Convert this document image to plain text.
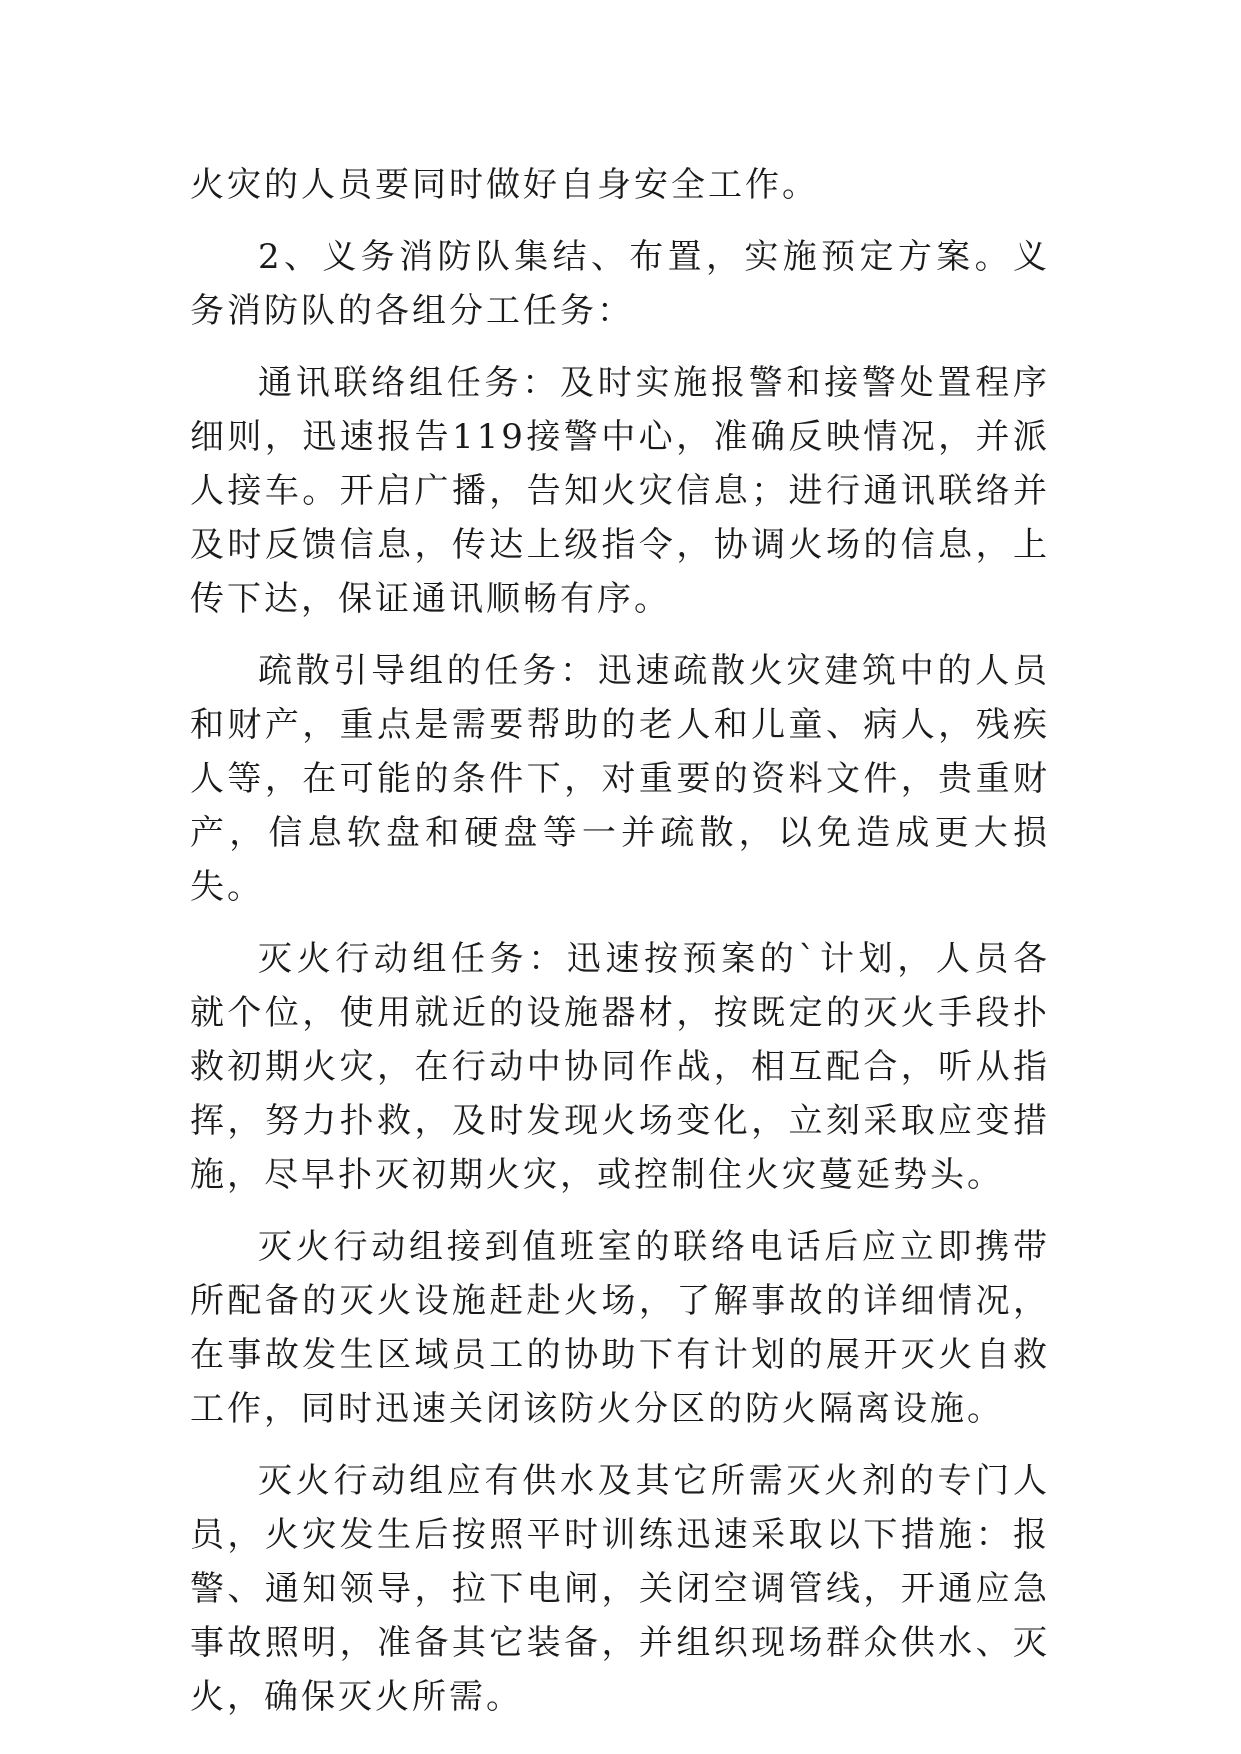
火灾的人员要同时做好自身安全工作。

2、义务消防队集结、布置，实施预定方案。义务消防队的各组分工任务：

通讯联络组任务：及时实施报警和接警处置程序细则，迅速报告119接警中心，准确反映情况，并派人接车。开启广播，告知火灾信息；进行通讯联络并及时反馈信息，传达上级指令，协调火场的信息，上传下达，保证通讯顺畅有序。

疏散引导组的任务：迅速疏散火灾建筑中的人员和财产，重点是需要帮助的老人和儿童、病人，残疾人等，在可能的条件下，对重要的资料文件，贵重财产，信息软盘和硬盘等一并疏散，以免造成更大损失。

灭火行动组任务：迅速按预案的`计划，人员各就个位，使用就近的设施器材，按既定的灭火手段扑救初期火灾，在行动中协同作战，相互配合，听从指挥，努力扑救，及时发现火场变化，立刻采取应变措施，尽早扑灭初期火灾，或控制住火灾蔓延势头。

灭火行动组接到值班室的联络电话后应立即携带所配备的灭火设施赶赴火场，了解事故的详细情况，在事故发生区域员工的协助下有计划的展开灭火自救工作，同时迅速关闭该防火分区的防火隔离设施。

灭火行动组应有供水及其它所需灭火剂的专门人员，火灾发生后按照平时训练迅速采取以下措施：报警、通知领导，拉下电闸，关闭空调管线，开通应急事故照明，准备其它装备，并组织现场群众供水、灭火，确保灭火所需。
